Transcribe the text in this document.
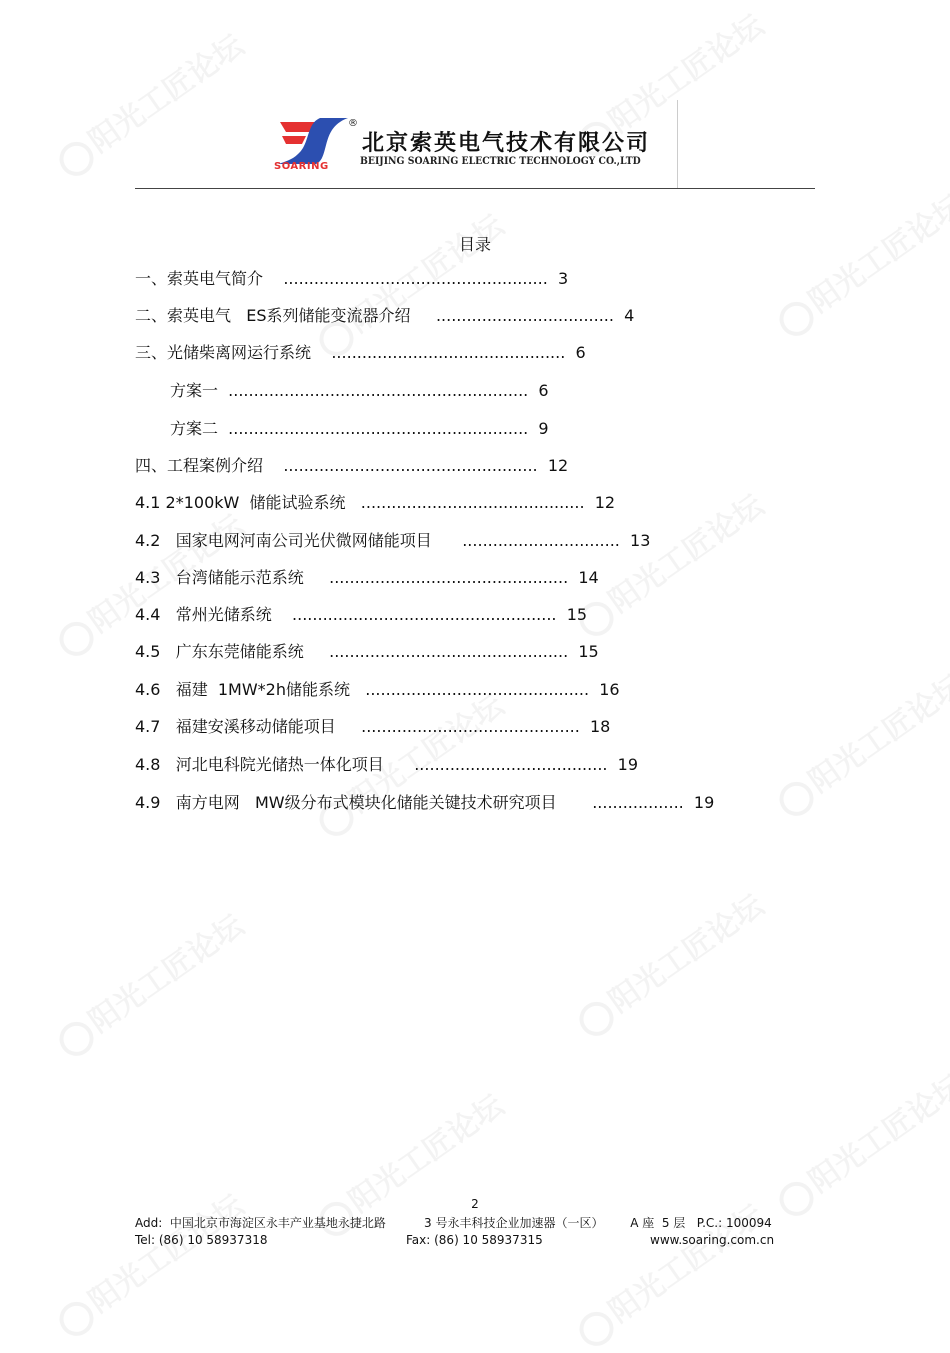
SOARING
®
北京索英电气技术有限公司
BEIJING SOARING ELECTRIC TECHNOLOGY CO.,LTD
目录
一、索英电气简介    ....................................................  3
二、索英电气   ES系列储能变流器介绍     ...................................  4
三、光储柴离网运行系统    ..............................................  6
方案一  ...........................................................  6
方案二  ...........................................................  9
四、工程案例介绍    ..................................................  12
4.1 2*100kW  储能试验系统   ............................................  12
4.2   国家电网河南公司光伏微网储能项目      ...............................  13
4.3   台湾储能示范系统     ...............................................  14
4.4   常州光储系统    ....................................................  15
4.5   广东东莞储能系统     ...............................................  15
4.6   福建  1MW*2h储能系统   ............................................  16
4.7   福建安溪移动储能项目     ...........................................  18
4.8   河北电科院光储热一体化项目      ......................................  19
4.9   南方电网   MW级分布式模块化储能关键技术研究项目       ..................  19
2
Add:  中国北京市海淀区永丰产业基地永捷北路          3 号永丰科技企业加速器（一区）       A 座  5 层   P.C.: 100094
Tel: (86) 10 58937318	Fax: (86) 10 58937315	www.soaring.com.cn
